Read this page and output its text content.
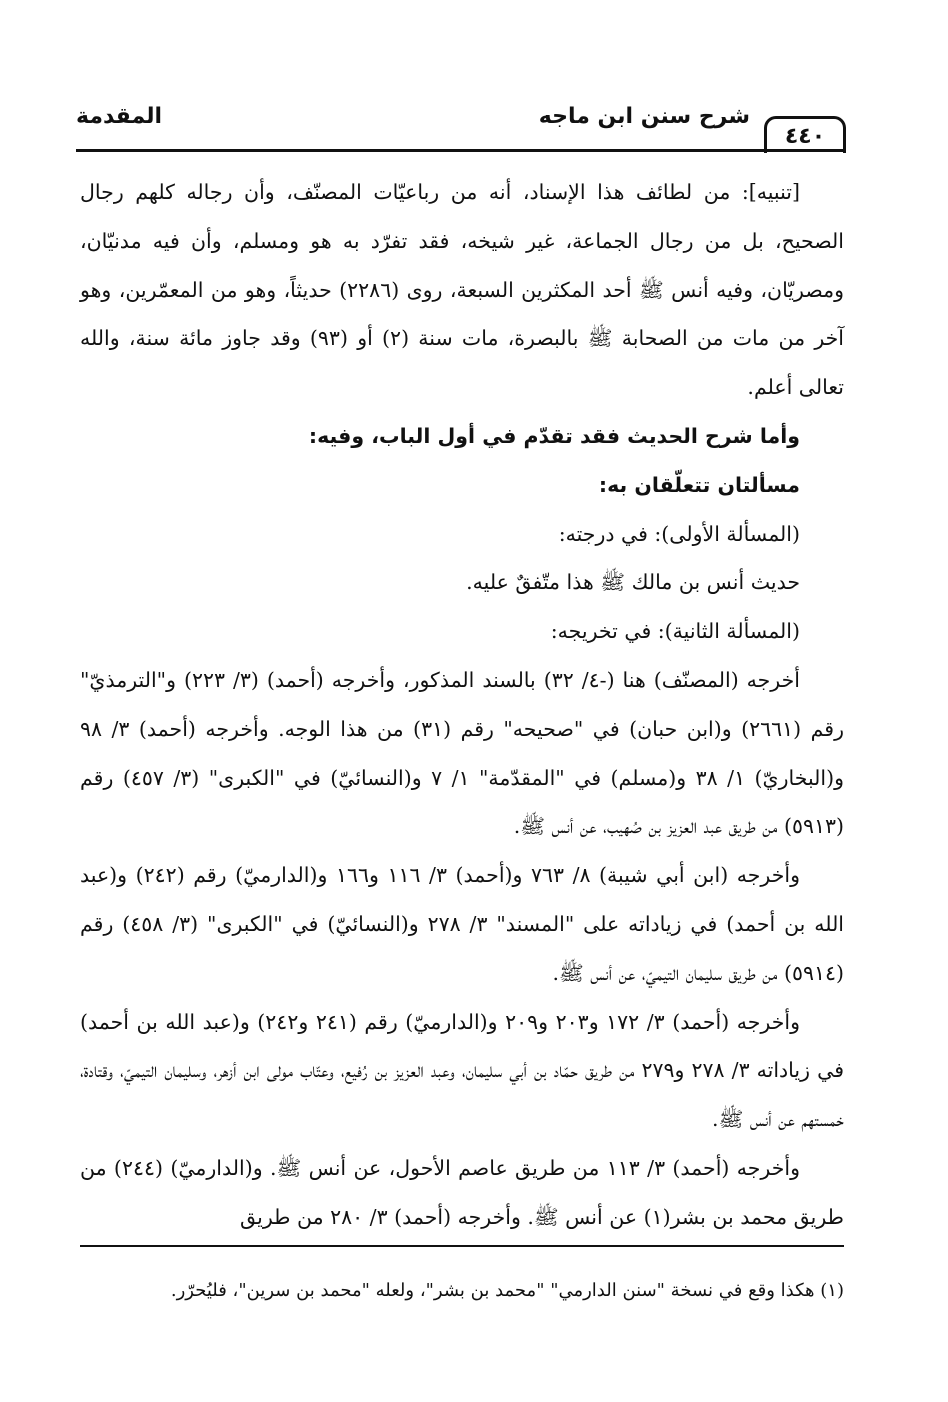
٤٤٠
شرح سنن ابن ماجه
المقدمة

[تنبيه]: من لطائف هذا الإسناد، أنه من رباعيّات المصنّف، وأن رجاله كلهم رجال الصحيح، بل من رجال الجماعة، غير شيخه، فقد تفرّد به هو ومسلم، وأن فيه مدنيّان، ومصريّان، وفيه أنس ﷺ أحد المكثرين السبعة، روى (٢٢٨٦) حديثاً، وهو من المعمّرين، وهو آخر من مات من الصحابة ﷺ بالبصرة، مات سنة (٢) أو (٩٣) وقد جاوز مائة سنة، والله تعالى أعلم.

وأما شرح الحديث فقد تقدّم في أول الباب، وفيه:

مسألتان تتعلّقان به:

(المسألة الأولى): في درجته:

حديث أنس بن مالك ﷺ هذا متّفقٌ عليه.

(المسألة الثانية): في تخريجه:

أخرجه (المصنّف) هنا (-٤/ ٣٢) بالسند المذكور، وأخرجه (أحمد) (٣/ ٢٢٣) و"الترمذيّ" رقم (٢٦٦١) و(ابن حبان) في "صحيحه" رقم (٣١) من هذا الوجه. وأخرجه (أحمد) ٣/ ٩٨ و(البخاريّ) ١/ ٣٨ و(مسلم) في "المقدّمة" ١/ ٧ و(النسائيّ) في "الكبرى" (٣/ ٤٥٧) رقم (٥٩١٣) من طريق عبد العزيز بن صُهيب، عن أنس ﷺ.

وأخرجه (ابن أبي شيبة) ٨/ ٧٦٣ و(أحمد) ٣/ ١١٦ و١٦٦ و(الدارميّ) رقم (٢٤٢) و(عبد الله بن أحمد) في زياداته على "المسند" ٣/ ٢٧٨ و(النسائيّ) في "الكبرى" (٣/ ٤٥٨) رقم (٥٩١٤) من طريق سليمان التيميّ، عن أنس ﷺ.

وأخرجه (أحمد) ٣/ ١٧٢ و٢٠٣ و٢٠٩ و(الدارميّ) رقم (٢٤١ و٢٤٢) و(عبد الله بن أحمد) في زياداته ٣/ ٢٧٨ و٢٧٩ من طريق حمّاد بن أبي سليمان، وعبد العزيز بن رُفيع، وعتّاب مولى ابن أزهر، وسليمان التيميّ، وقتادة، خمستهم عن أنس ﷺ.

وأخرجه (أحمد) ٣/ ١١٣ من طريق عاصم الأحول، عن أنس ﷺ. و(الدارميّ) (٢٤٤) من طريق محمد بن بشر(١) عن أنس ﷺ. وأخرجه (أحمد) ٣/ ٢٨٠ من طريق

(١) هكذا وقع في نسخة "سنن الدارمي" "محمد بن بشر"، ولعله "محمد بن سرين"، فليُحرّر.
